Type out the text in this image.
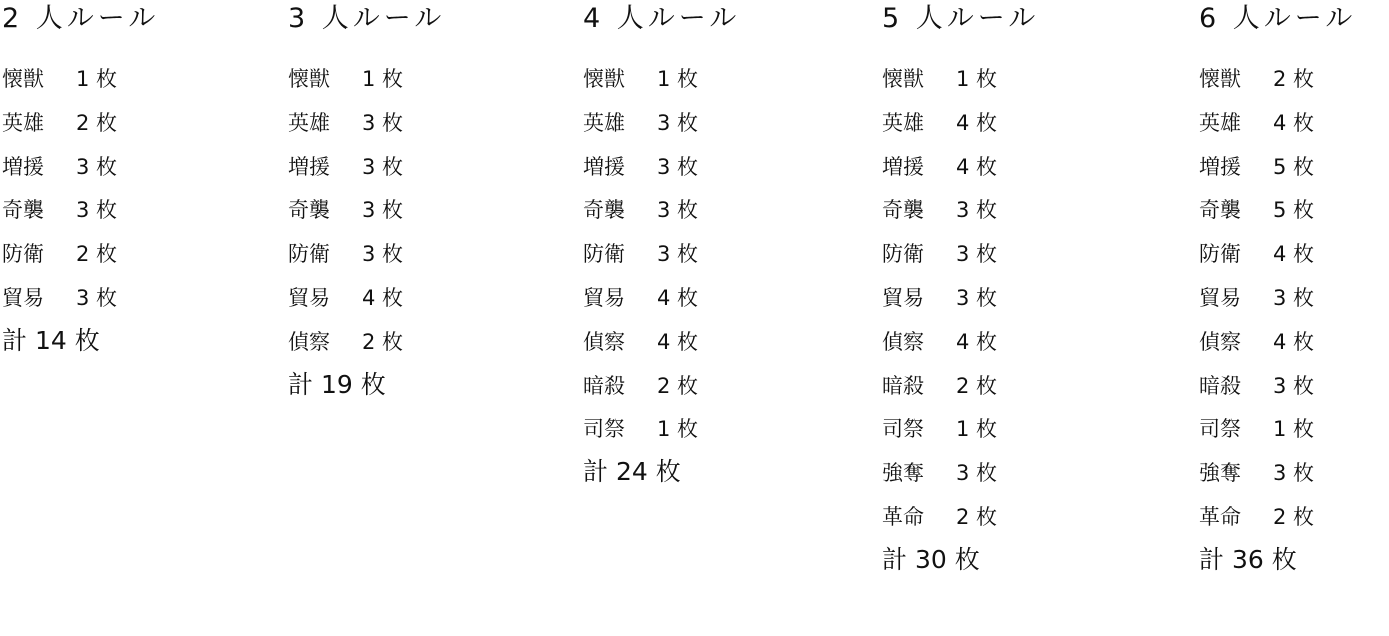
2 人ルール
懐獣 1 枚
英雄 2 枚
増援 3 枚
奇襲 3 枚
防衛 2 枚
貿易 3 枚
計 14 枚
3 人ルール
懐獣 1 枚
英雄 3 枚
増援 3 枚
奇襲 3 枚
防衛 3 枚
貿易 4 枚
偵察 2 枚
計 19 枚
4 人ルール
懐獣 1 枚
英雄 3 枚
増援 3 枚
奇襲 3 枚
防衛 3 枚
貿易 4 枚
偵察 4 枚
暗殺 2 枚
司祭 1 枚
計 24 枚
5 人ルール
懐獣 1 枚
英雄 4 枚
増援 4 枚
奇襲 3 枚
防衛 3 枚
貿易 3 枚
偵察 4 枚
暗殺 2 枚
司祭 1 枚
強奪 3 枚
革命 2 枚
計 30 枚
6 人ルール
懐獣 2 枚
英雄 4 枚
増援 5 枚
奇襲 5 枚
防衛 4 枚
貿易 3 枚
偵察 4 枚
暗殺 3 枚
司祭 1 枚
強奪 3 枚
革命 2 枚
計 36 枚
